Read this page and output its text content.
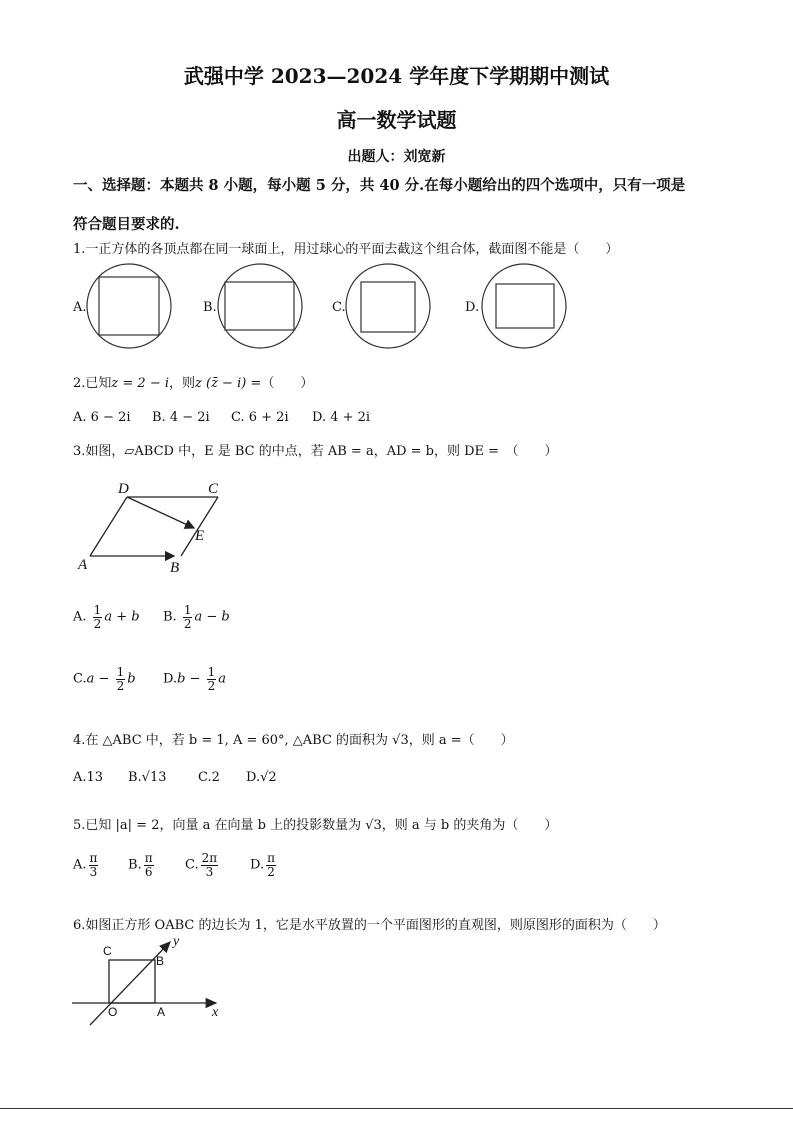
武强中学 2023—2024 学年度下学期期中测试
高一数学试题
出题人：刘宽新
一、选择题：本题共 8 小题，每小题 5 分，共 40 分.在每小题给出的四个选项中，只有一项是
符合题目要求的.
1.一正方体的各顶点都在同一球面上，用过球心的平面去截这个组合体，截面图不能是（　　）
A.	B.	C.	D.
2.已知z = 2 − i，则z (z̄ − i) =（　　）
A. 6 − 2i B. 4 − 2i C. 6 + 2i D. 4 + 2i
3.如图，▱ABCD 中，E 是 BC 的中点，若 AB = a，AD = b，则 DE =　（　　）
D	C
E
A	B
A. $\frac{1}{2}$ a + b B. $\frac{1}{2}$ a − b
$C.a - \frac{1}{2}$ b $D.b - \frac{1}{2}$ a
4.在 △ABC 中，若 b = 1, A = 60°, △ABC 的面积为 √3，则 a =（　　）
A.13 B.√13 C.2 D.√2
5.已知 |a| = 2，向量 a 在向量 b 上的投影数量为 √3，则 a 与 b 的夹角为（　　）
A. $\frac{\pi}{3} B$. $\frac{\pi}{6} C$. $\frac{2\pi}{3} D$. $\frac{\pi}{2}$
6.如图正方形 OABC 的边长为 1，它是水平放置的一个平面图形的直观图，则原图形的面积为（　　）
C
B
O	A
y
x
